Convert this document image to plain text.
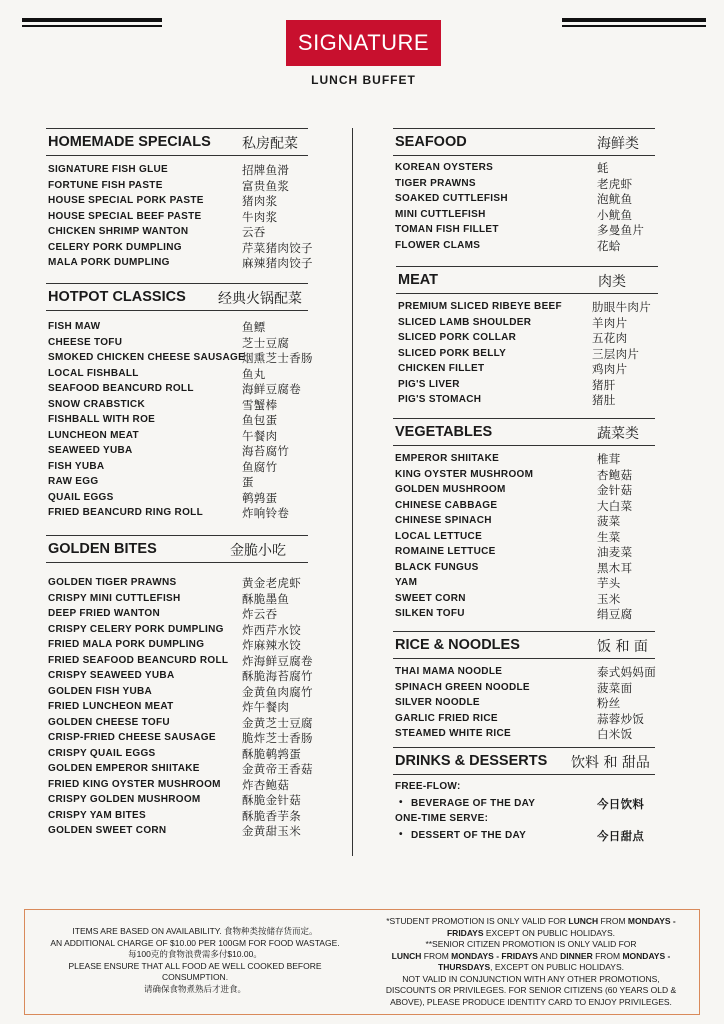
SIGNATURE
LUNCH BUFFET
HOMEMADE SPECIALS 私房配菜
SIGNATURE FISH GLUE	招牌鱼滑
FORTUNE FISH PASTE	富贵鱼浆
HOUSE SPECIAL PORK PASTE	猪肉浆
HOUSE SPECIAL BEEF PASTE	牛肉浆
CHICKEN SHRIMP WANTON	云吞
CELERY PORK DUMPLING	芹菜猪肉饺子
MALA PORK DUMPLING	麻辣猪肉饺子
HOTPOT CLASSICS 经典火锅配菜
FISH MAW	鱼鳔
CHEESE TOFU	芝士豆腐
SMOKED CHICKEN CHEESE SAUSAGE
烟熏芝士香肠
LOCAL FISHBALL	鱼丸
SEAFOOD BEANCURD ROLL	海鲜豆腐卷
SNOW CRABSTICK	雪蟹棒
FISHBALL WITH ROE	鱼包蛋
LUNCHEON MEAT	午餐肉
SEAWEED YUBA	海苔腐竹
FISH YUBA	鱼腐竹
RAW EGG	蛋
QUAIL EGGS	鹌鹑蛋
FRIED BEANCURD RING ROLL	炸响铃卷
GOLDEN BITES	金脆小吃
GOLDEN TIGER PRAWNS	黄金老虎虾
CRISPY MINI CUTTLEFISH	酥脆墨鱼
DEEP FRIED WANTON	炸云吞
CRISPY CELERY PORK DUMPLING 炸西芹水饺
FRIED MALA PORK DUMPLING	炸麻辣水饺
FRIED SEAFOOD BEANCURD ROLL 炸海鲜豆腐卷
CRISPY SEAWEED YUBA	酥脆海苔腐竹
GOLDEN FISH YUBA	金黄鱼肉腐竹
FRIED LUNCHEON MEAT	炸午餐肉
GOLDEN CHEESE TOFU	金黄芝士豆腐
CRISP-FRIED CHEESE SAUSAGE 脆炸芝士香肠
CRISPY QUAIL EGGS	酥脆鹌鹑蛋
GOLDEN EMPEROR SHIITAKE	金黄帝王香菇
FRIED KING OYSTER MUSHROOM 炸杏鲍菇
CRISPY GOLDEN MUSHROOM	酥脆金针菇
CRISPY YAM BITES	酥脆香芋条
GOLDEN SWEET CORN	金黄甜玉米
SEAFOOD	海鲜类
KOREAN OYSTERS	蚝
TIGER PRAWNS	老虎虾
SOAKED CUTTLEFISH	泡鱿鱼
MINI CUTTLEFISH	小鱿鱼
TOMAN FISH FILLET	多曼鱼片
FLOWER CLAMS	花蛤
MEAT	肉类
PREMIUM SLICED RIBEYE BEEF	肋眼牛肉片
SLICED LAMB SHOULDER	羊肉片
SLICED PORK COLLAR	五花肉
SLICED PORK BELLY	三层肉片
CHICKEN FILLET	鸡肉片
PIG'S LIVER	猪肝
PIG'S STOMACH	猪肚
VEGETABLES	蔬菜类
EMPEROR SHIITAKE	椎茸
KING OYSTER MUSHROOM	杏鲍菇
GOLDEN MUSHROOM	金针菇
CHINESE CABBAGE	大白菜
CHINESE SPINACH	菠菜
LOCAL LETTUCE	生菜
ROMAINE LETTUCE	油麦菜
BLACK FUNGUS	黑木耳
YAM	芋头
SWEET CORN	玉米
SILKEN TOFU	绢豆腐
RICE & NOODLES	饭 和 面
THAI MAMA NOODLE	泰式妈妈面
SPINACH GREEN NOODLE	菠菜面
SILVER NOODLE	粉丝
GARLIC FRIED RICE	蒜蓉炒饭
STEAMED WHITE RICE	白米饭
DRINKS & DESSERTS 饮料 和 甜品
FREE-FLOW:
• BEVERAGE OF THE DAY	今日饮料
ONE-TIME SERVE:
• DESSERT OF THE DAY	今日甜点
ITEMS ARE BASED ON AVAILABILITY. 食物种类按储存货而定。
AN ADDITIONAL CHARGE OF $10.00 PER 100GM FOR FOOD WASTAGE.
每100克的食物浪费需多付$10.00。
PLEASE ENSURE THAT ALL FOOD AE WELL COOKED BEFORE
CONSUMPTION.
请确保食物煮熟后才进食。
*STUDENT PROMOTION IS ONLY VALID FOR LUNCH FROM MONDAYS -
FRIDAYS EXCEPT ON PUBLIC HOLIDAYS.
**SENIOR CITIZEN PROMOTION IS ONLY VALID FOR
LUNCH FROM MONDAYS - FRIDAYS AND DINNER FROM MONDAYS -
THURSDAYS, EXCEPT ON PUBLIC HOLIDAYS.
NOT VALID IN CONJUNCTION WITH ANY OTHER PROMOTIONS,
DISCOUNTS OR PRIVILEGES. FOR SENIOR CITIZENS (60 YEARS OLD &
ABOVE), PLEASE PRODUCE IDENTITY CARD TO ENJOY PRIVILEGES.
